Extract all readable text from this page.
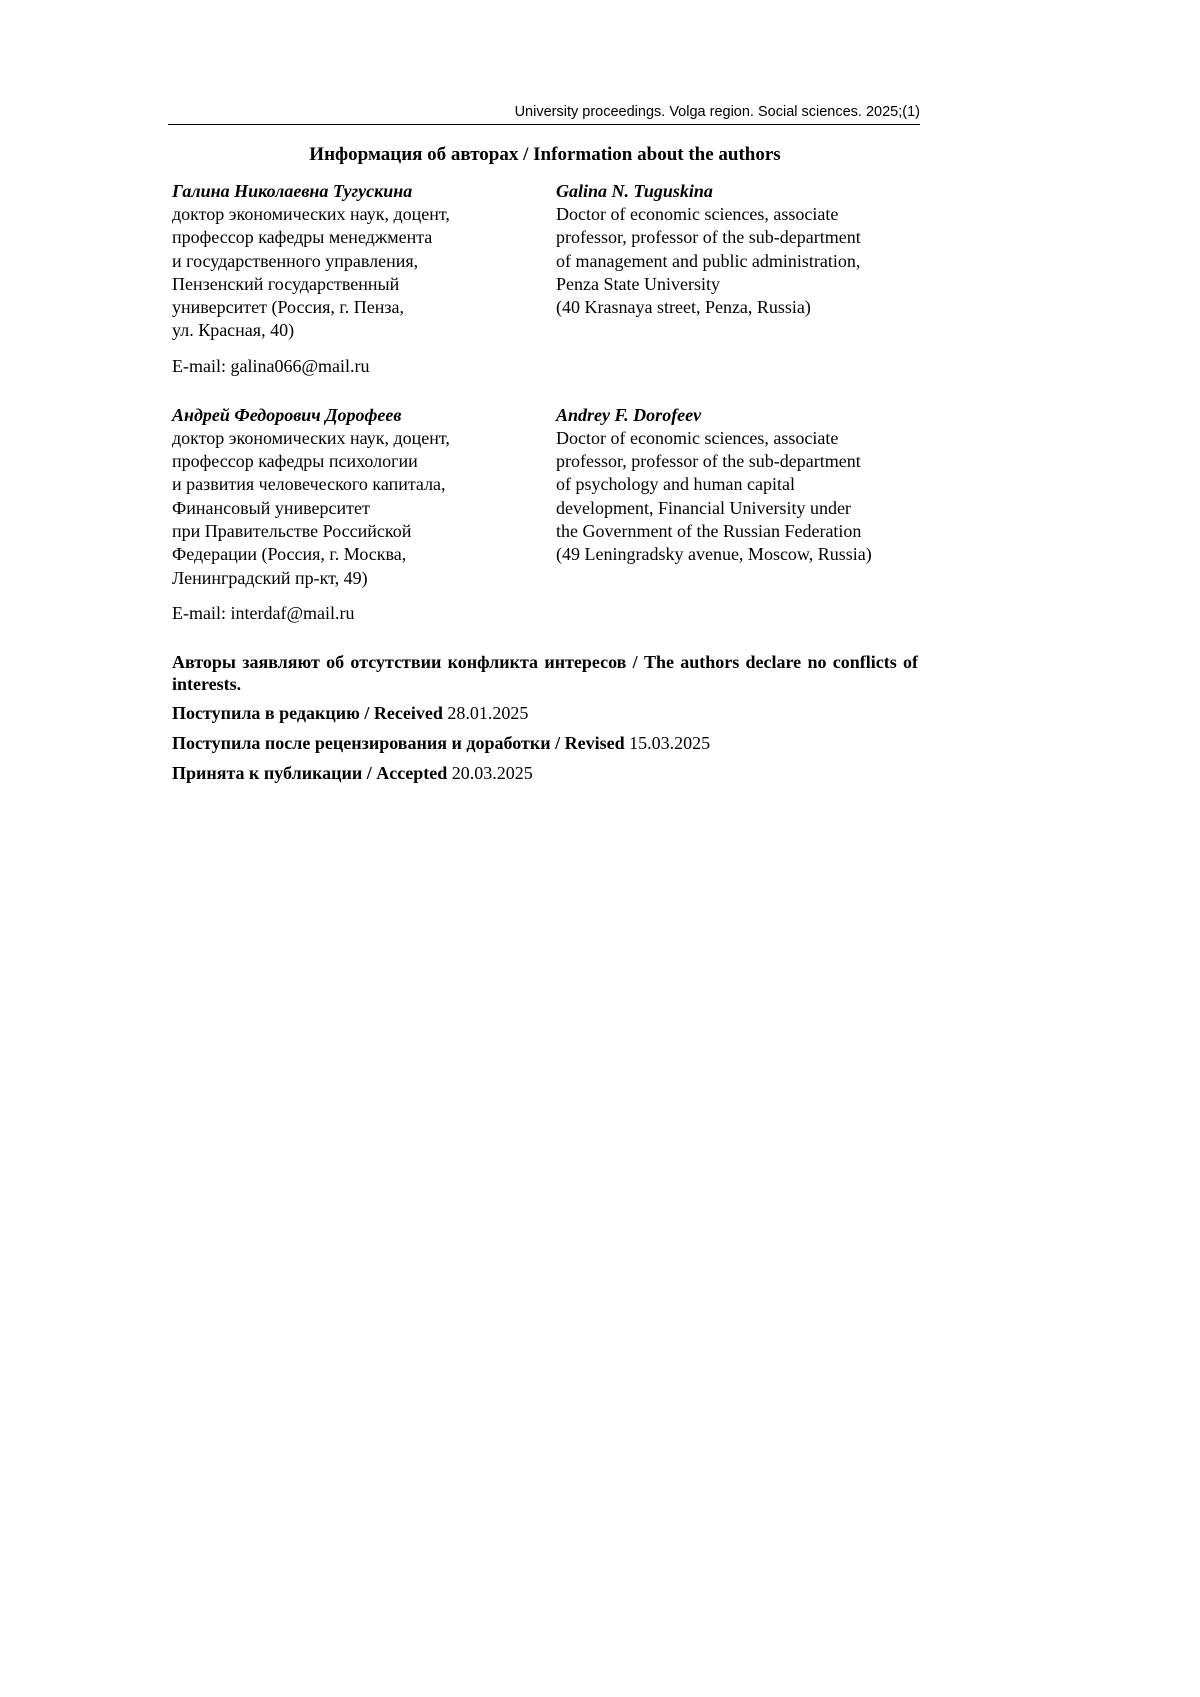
University proceedings. Volga region. Social sciences. 2025;(1)
Информация об авторах / Information about the authors
Галина Николаевна Тугускина
доктор экономических наук, доцент,
профессор кафедры менеджмента
и государственного управления,
Пензенский государственный
университет (Россия, г. Пенза,
ул. Красная, 40)
E-mail: galina066@mail.ru
Galina N. Tuguskina
Doctor of economic sciences, associate
professor, professor of the sub-department
of management and public administration,
Penza State University
(40 Krasnaya street, Penza, Russia)
Андрей Федорович Дорофеев
доктор экономических наук, доцент,
профессор кафедры психологии
и развития человеческого капитала,
Финансовый университет
при Правительстве Российской
Федерации (Россия, г. Москва,
Ленинградский пр-кт, 49)
E-mail: interdaf@mail.ru
Andrey F. Dorofeev
Doctor of economic sciences, associate
professor, professor of the sub-department
of psychology and human capital
development, Financial University under
the Government of the Russian Federation
(49 Leningradsky avenue, Moscow, Russia)
Авторы заявляют об отсутствии конфликта интересов / The authors declare no conflicts of interests.
Поступила в редакцию / Received 28.01.2025
Поступила после рецензирования и доработки / Revised 15.03.2025
Принята к публикации / Accepted 20.03.2025
